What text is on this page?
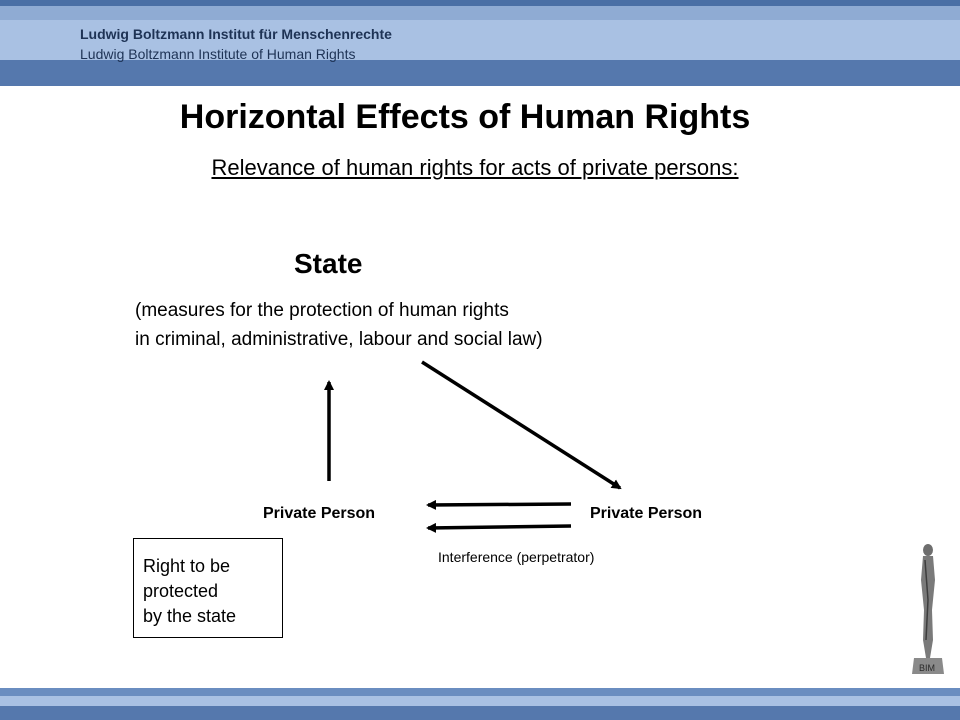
Ludwig Boltzmann Institut für Menschenrechte
Ludwig Boltzmann Institute of Human Rights
Horizontal Effects of Human Rights
Relevance of human rights for acts of private persons:
State
(measures for the protection of human rights
in criminal, administrative, labour and social law)
Private Person	Private Person
Interference (perpetrator)
Right to be
protected
by the state
BIM
